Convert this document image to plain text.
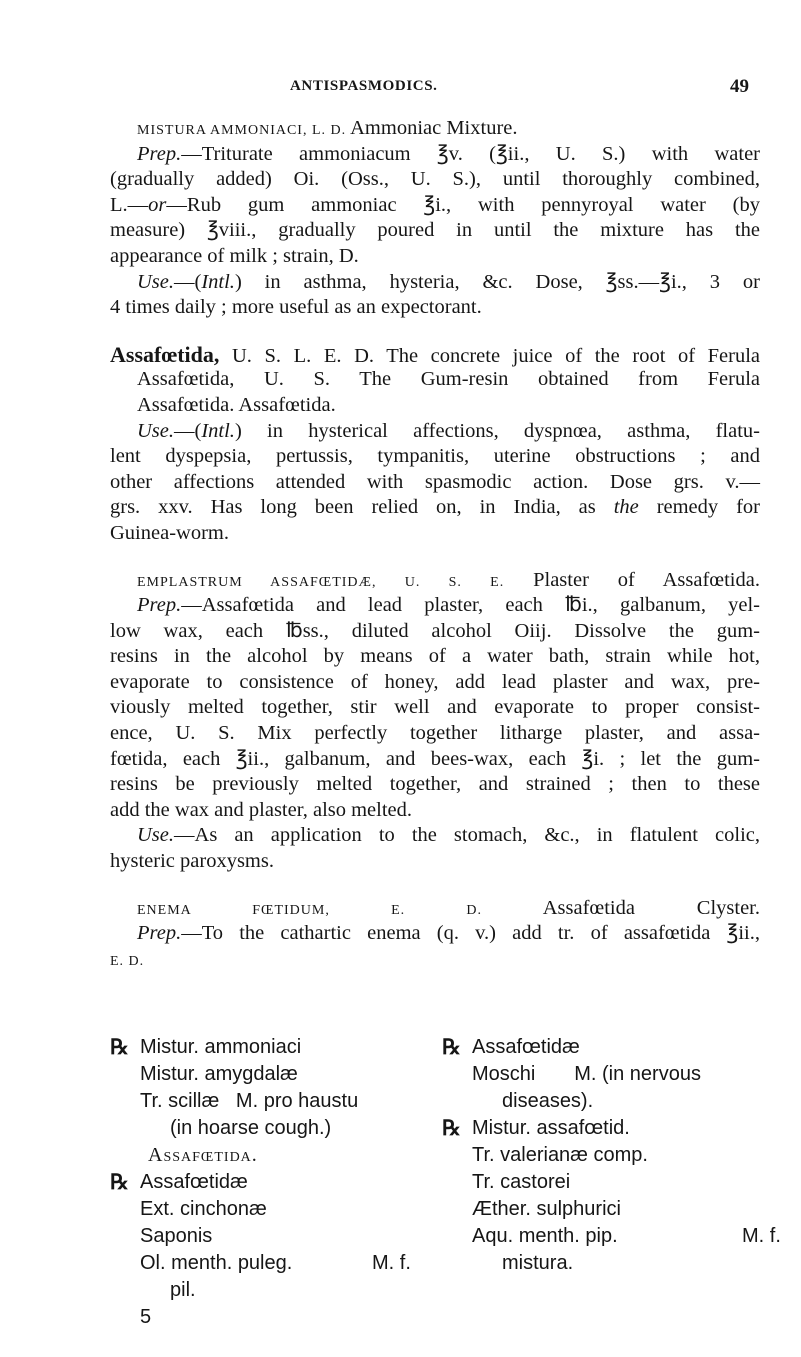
ANTISPASMODICS.	49
MISTURA AMMONIACI, L. D. Ammoniac Mixture.
Prep.—Triturate ammoniacum ℥v. (℥ii., U. S.) with water
(gradually added) Oi. (Oss., U. S.), until thoroughly combined,
L.—or—Rub gum ammoniac ℥i., with pennyroyal water (by
measure) ℥viii., gradually poured in until the mixture has the
appearance of milk ; strain, D.
Use.—(Intl.) in asthma, hysteria, &c. Dose, ℥ss.—℥i., 3 or
4 times daily ; more useful as an expectorant.
Assafœtida, U. S. L. E. D. The concrete juice of the root of Ferula
Assafœtida, U. S. The Gum-resin obtained from Ferula
Assafœtida. Assafœtida.
Use.—(Intl.) in hysterical affections, dyspnœa, asthma, flatu-
lent dyspepsia, pertussis, tympanitis, uterine obstructions ; and
other affections attended with spasmodic action. Dose grs. v.—
grs. xxv. Has long been relied on, in India, as the remedy for
Guinea-worm.
EMPLASTRUM ASSAFŒTIDÆ, U. S. E. Plaster of Assafœtida.
Prep.—Assafœtida and lead plaster, each ℔i., galbanum, yel-
low wax, each ℔ss., diluted alcohol Oiij. Dissolve the gum-
resins in the alcohol by means of a water bath, strain while hot,
evaporate to consistence of honey, add lead plaster and wax, pre-
viously melted together, stir well and evaporate to proper consist-
ence, U. S. Mix perfectly together litharge plaster, and assa-
fœtida, each ℥ii., galbanum, and bees-wax, each ℥i. ; let the gum-
resins be previously melted together, and strained ; then to these
add the wax and plaster, also melted.
Use.—As an application to the stomach, &c., in flatulent colic,
hysteric paroxysms.
ENEMA FŒTIDUM, E. D. Assafœtida Clyster.
Prep.—To the cathartic enema (q. v.) add tr. of assafœtida ℥ii.,
E. D.
℞ Mistur. ammoniaci
Mistur. amygdalæ
Tr. scillæ   M. pro haustu
(in hoarse cough.)
Assafœtida.
℞ Assafœtidæ
Ext. cinchonæ
Saponis
Ol. menth. puleg.	M. f.
pil.
5
℞ Assafœtidæ
Moschi       M. (in nervous
diseases).
℞ Mistur. assafœtid.
Tr. valerianæ comp.
Tr. castorei
Æther. sulphurici
Aqu. menth. pip.	M. f.
mistura.
